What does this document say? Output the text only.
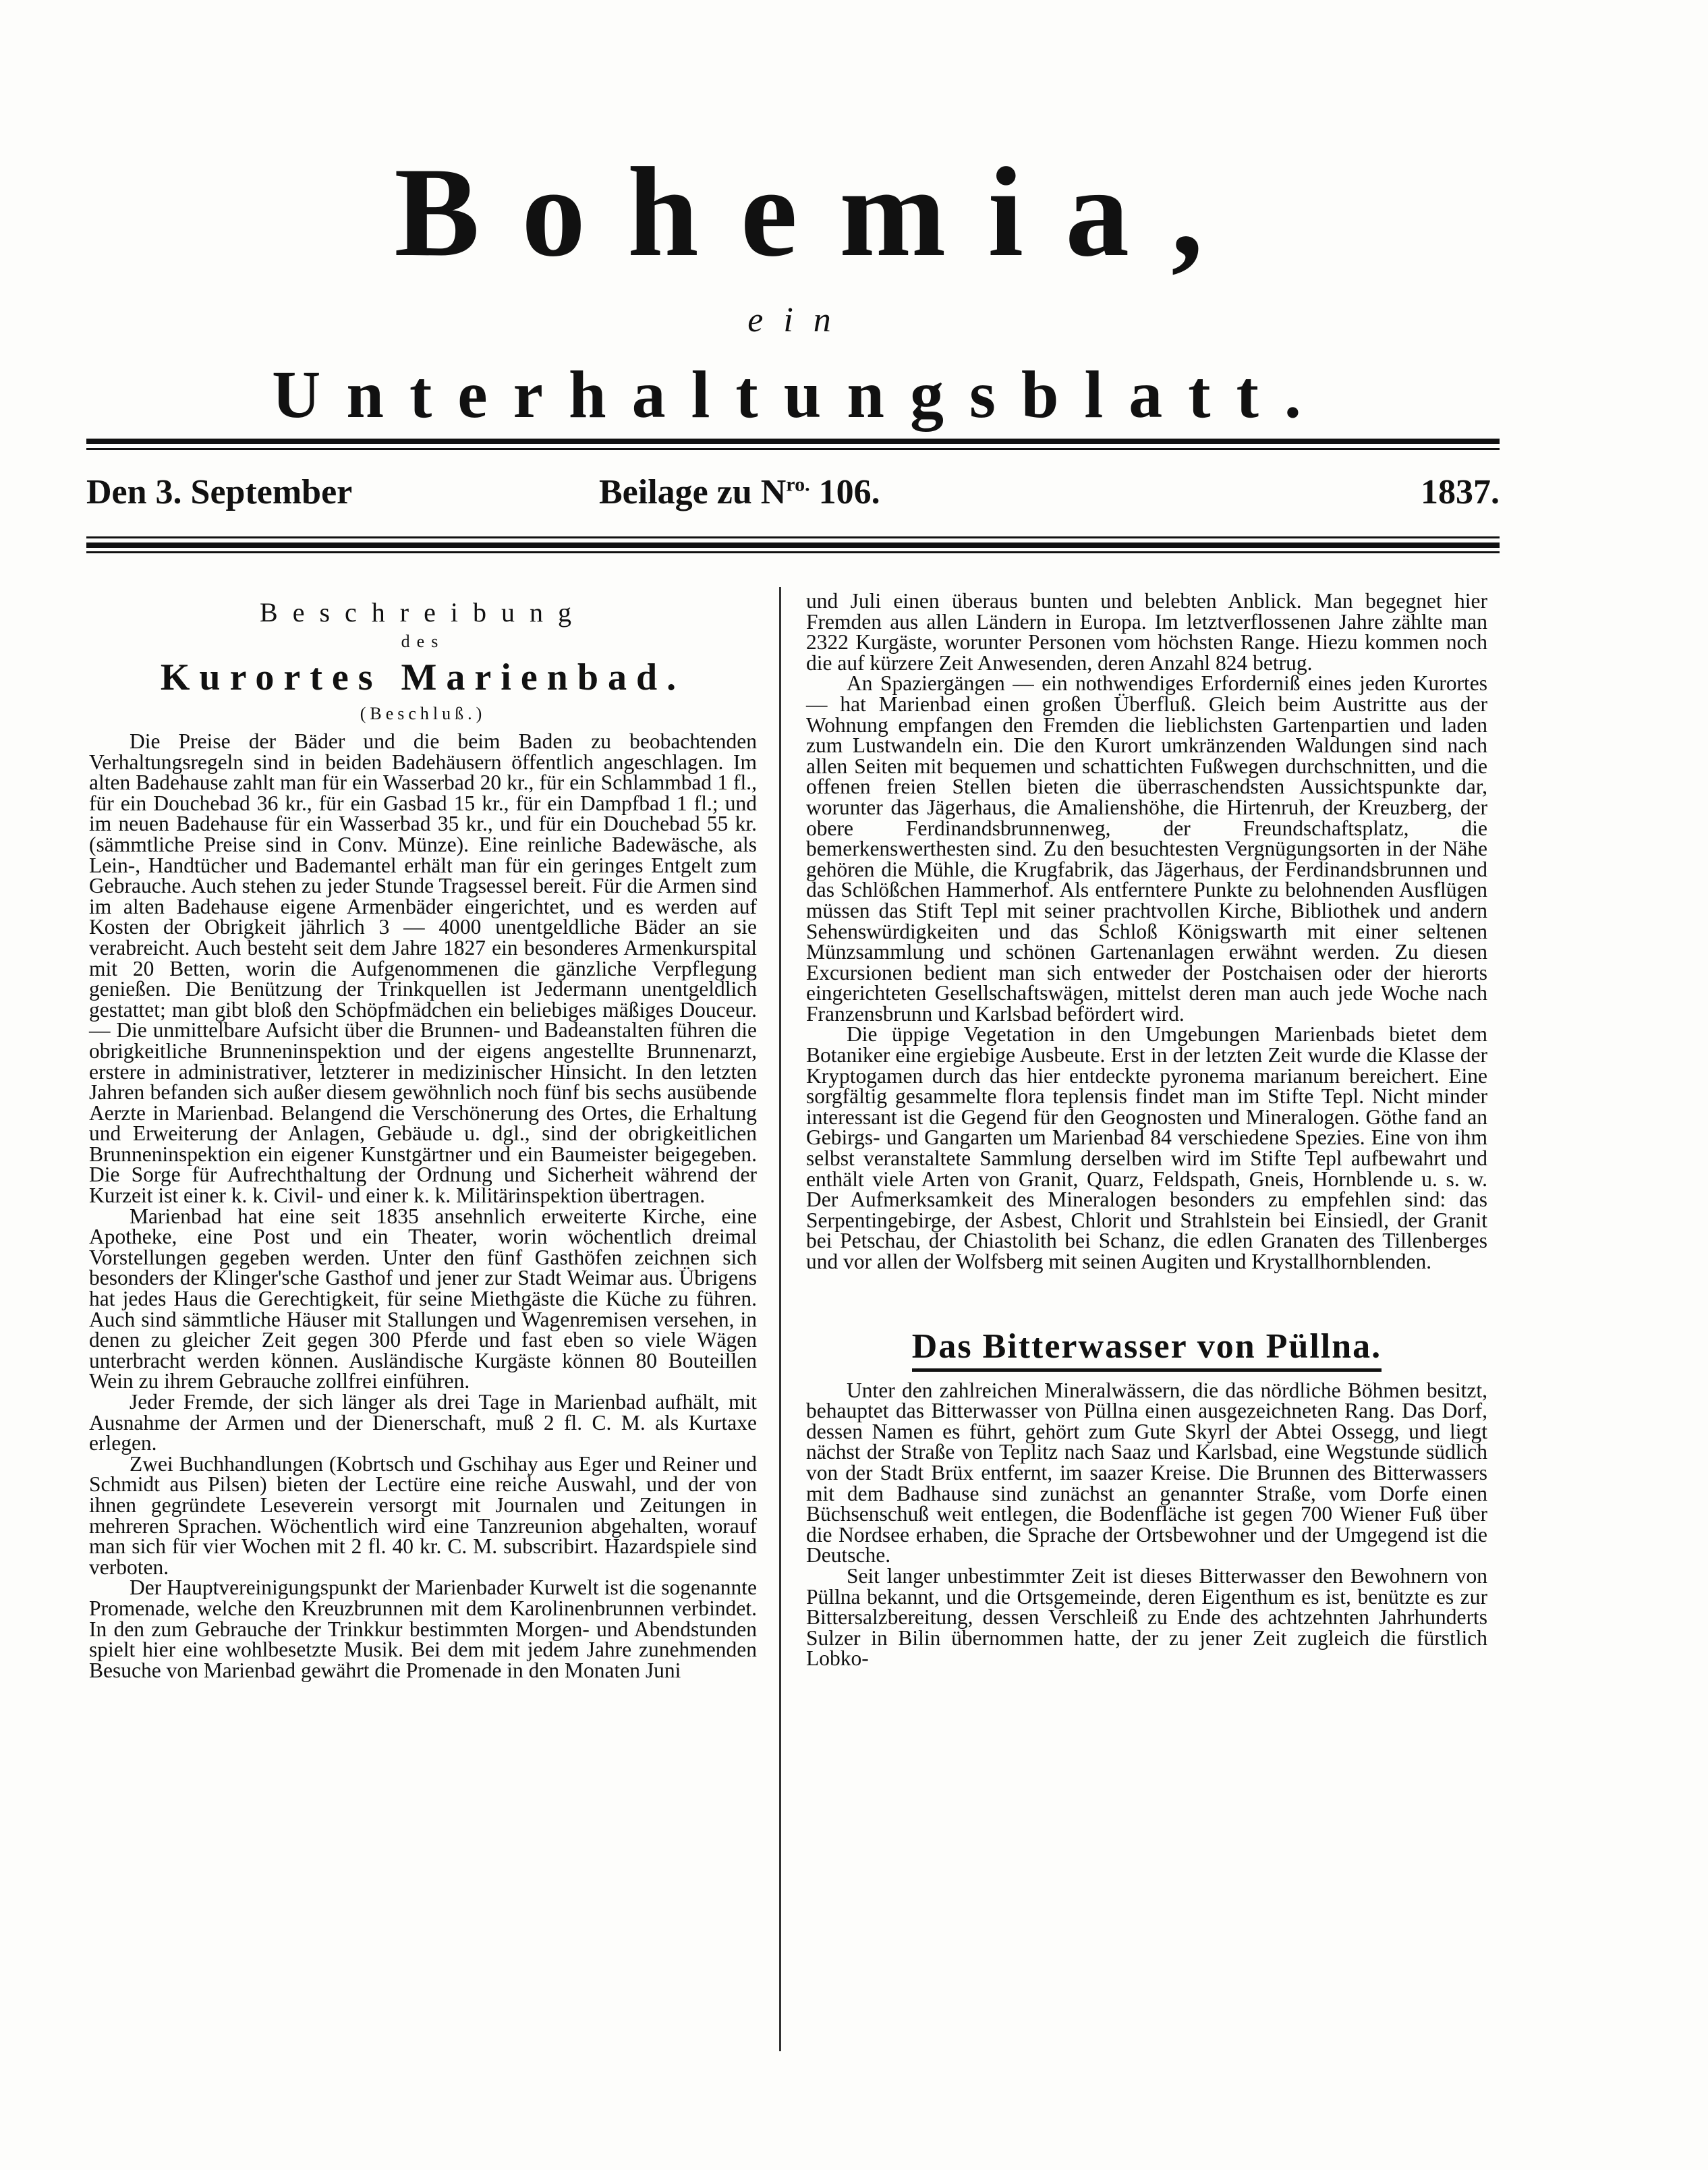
Bohemia,
ein
Unterhaltungsblatt.
Den 3. September	Beilage zu $N^{ro.}$ 106.	1837.
Beschreibung
des
Kurortes Marienbad.
(Beschluß.)

Die Preise der Bäder und die beim Baden zu beobachtenden Verhaltungsregeln sind in beiden Badehäusern öffentlich angeschlagen. Im alten Badehause zahlt man für ein Wasserbad 20 kr., für ein Schlammbad 1 fl., für ein Douchebad 36 kr., für ein Gasbad 15 kr., für ein Dampfbad 1 fl.; und im neuen Badehause für ein Wasserbad 35 kr., und für ein Douchebad 55 kr. (sämmtliche Preise sind in Conv. Münze). Eine reinliche Badewäsche, als Lein-, Handtücher und Bademantel erhält man für ein geringes Entgelt zum Gebrauche. Auch stehen zu jeder Stunde Tragsessel bereit. Für die Armen sind im alten Badehause eigene Armenbäder eingerichtet, und es werden auf Kosten der Obrigkeit jährlich 3 — 4000 unentgeldliche Bäder an sie verabreicht. Auch besteht seit dem Jahre 1827 ein besonderes Armenkurspital mit 20 Betten, worin die Aufgenommenen die gänzliche Verpflegung genießen. Die Benützung der Trinkquellen ist Jedermann unentgeldlich gestattet; man gibt bloß den Schöpfmädchen ein beliebiges mäßiges Douceur. — Die unmittelbare Aufsicht über die Brunnen- und Badeanstalten führen die obrigkeitliche Brunneninspektion und der eigens angestellte Brunnenarzt, erstere in administrativer, letzterer in medizinischer Hinsicht. In den letzten Jahren befanden sich außer diesem gewöhnlich noch fünf bis sechs ausübende Aerzte in Marienbad. Belangend die Verschönerung des Ortes, die Erhaltung und Erweiterung der Anlagen, Gebäude u. dgl., sind der obrigkeitlichen Brunneninspektion ein eigener Kunstgärtner und ein Baumeister beigegeben. Die Sorge für Aufrechthaltung der Ordnung und Sicherheit während der Kurzeit ist einer k. k. Civil- und einer k. k. Militärinspektion übertragen.

Marienbad hat eine seit 1835 ansehnlich erweiterte Kirche, eine Apotheke, eine Post und ein Theater, worin wöchentlich dreimal Vorstellungen gegeben werden. Unter den fünf Gasthöfen zeichnen sich besonders der Klinger'sche Gasthof und jener zur Stadt Weimar aus. Übrigens hat jedes Haus die Gerechtigkeit, für seine Miethgäste die Küche zu führen. Auch sind sämmtliche Häuser mit Stallungen und Wagenremisen versehen, in denen zu gleicher Zeit gegen 300 Pferde und fast eben so viele Wägen unterbracht werden können. Ausländische Kurgäste können 80 Bouteillen Wein zu ihrem Gebrauche zollfrei einführen.

Jeder Fremde, der sich länger als drei Tage in Marienbad aufhält, mit Ausnahme der Armen und der Dienerschaft, muß 2 fl. C. M. als Kurtaxe erlegen.

Zwei Buchhandlungen (Kobrtsch und Gschihay aus Eger und Reiner und Schmidt aus Pilsen) bieten der Lectüre eine reiche Auswahl, und der von ihnen gegründete Leseverein versorgt mit Journalen und Zeitungen in mehreren Sprachen. Wöchentlich wird eine Tanzreunion abgehalten, worauf man sich für vier Wochen mit 2 fl. 40 kr. C. M. subscribirt. Hazardspiele sind verboten.

Der Hauptvereinigungspunkt der Marienbader Kurwelt ist die sogenannte Promenade, welche den Kreuzbrunnen mit dem Karolinenbrunnen verbindet. In den zum Gebrauche der Trinkkur bestimmten Morgen- und Abendstunden spielt hier eine wohlbesetzte Musik. Bei dem mit jedem Jahre zunehmenden Besuche von Marienbad gewährt die Promenade in den Monaten Juni

und Juli einen überaus bunten und belebten Anblick. Man begegnet hier Fremden aus allen Ländern in Europa. Im letztverflossenen Jahre zählte man 2322 Kurgäste, worunter Personen vom höchsten Range. Hiezu kommen noch die auf kürzere Zeit Anwesenden, deren Anzahl 824 betrug.

An Spaziergängen — ein nothwendiges Erforderniß eines jeden Kurortes — hat Marienbad einen großen Überfluß. Gleich beim Austritte aus der Wohnung empfangen den Fremden die lieblichsten Gartenpartien und laden zum Lustwandeln ein. Die den Kurort umkränzenden Waldungen sind nach allen Seiten mit bequemen und schattichten Fußwegen durchschnitten, und die offenen freien Stellen bieten die überraschendsten Aussichtspunkte dar, worunter das Jägerhaus, die Amalienshöhe, die Hirtenruh, der Kreuzberg, der obere Ferdinandsbrunnenweg, der Freundschaftsplatz, die bemerkenswerthesten sind. Zu den besuchtesten Vergnügungsorten in der Nähe gehören die Mühle, die Krugfabrik, das Jägerhaus, der Ferdinandsbrunnen und das Schlößchen Hammerhof. Als entferntere Punkte zu belohnenden Ausflügen müssen das Stift Tepl mit seiner prachtvollen Kirche, Bibliothek und andern Sehenswürdigkeiten und das Schloß Königswarth mit einer seltenen Münzsammlung und schönen Gartenanlagen erwähnt werden. Zu diesen Excursionen bedient man sich entweder der Postchaisen oder der hierorts eingerichteten Gesellschaftswägen, mittelst deren man auch jede Woche nach Franzensbrunn und Karlsbad befördert wird.

Die üppige Vegetation in den Umgebungen Marienbads bietet dem Botaniker eine ergiebige Ausbeute. Erst in der letzten Zeit wurde die Klasse der Kryptogamen durch das hier entdeckte pyronema marianum bereichert. Eine sorgfältig gesammelte flora teplensis findet man im Stifte Tepl. Nicht minder interessant ist die Gegend für den Geognosten und Mineralogen. Göthe fand an Gebirgs- und Gangarten um Marienbad 84 verschiedene Spezies. Eine von ihm selbst veranstaltete Sammlung derselben wird im Stifte Tepl aufbewahrt und enthält viele Arten von Granit, Quarz, Feldspath, Gneis, Hornblende u. s. w. Der Aufmerksamkeit des Mineralogen besonders zu empfehlen sind: das Serpentingebirge, der Asbest, Chlorit und Strahlstein bei Einsiedl, der Granit bei Petschau, der Chiastolith bei Schanz, die edlen Granaten des Tillenberges und vor allen der Wolfsberg mit seinen Augiten und Krystallhornblenden.

Das Bitterwasser von Püllna.

Unter den zahlreichen Mineralwässern, die das nördliche Böhmen besitzt, behauptet das Bitterwasser von Püllna einen ausgezeichneten Rang. Das Dorf, dessen Namen es führt, gehört zum Gute Skyrl der Abtei Ossegg, und liegt nächst der Straße von Teplitz nach Saaz und Karlsbad, eine Wegstunde südlich von der Stadt Brüx entfernt, im saazer Kreise. Die Brunnen des Bitterwassers mit dem Badhause sind zunächst an genannter Straße, vom Dorfe einen Büchsenschuß weit entlegen, die Bodenfläche ist gegen 700 Wiener Fuß über die Nordsee erhaben, die Sprache der Ortsbewohner und der Umgegend ist die Deutsche.

Seit langer unbestimmter Zeit ist dieses Bitterwasser den Bewohnern von Püllna bekannt, und die Ortsgemeinde, deren Eigenthum es ist, benützte es zur Bittersalzbereitung, dessen Verschleiß zu Ende des achtzehnten Jahrhunderts Sulzer in Bilin übernommen hatte, der zu jener Zeit zugleich die fürstlich Lobko-
